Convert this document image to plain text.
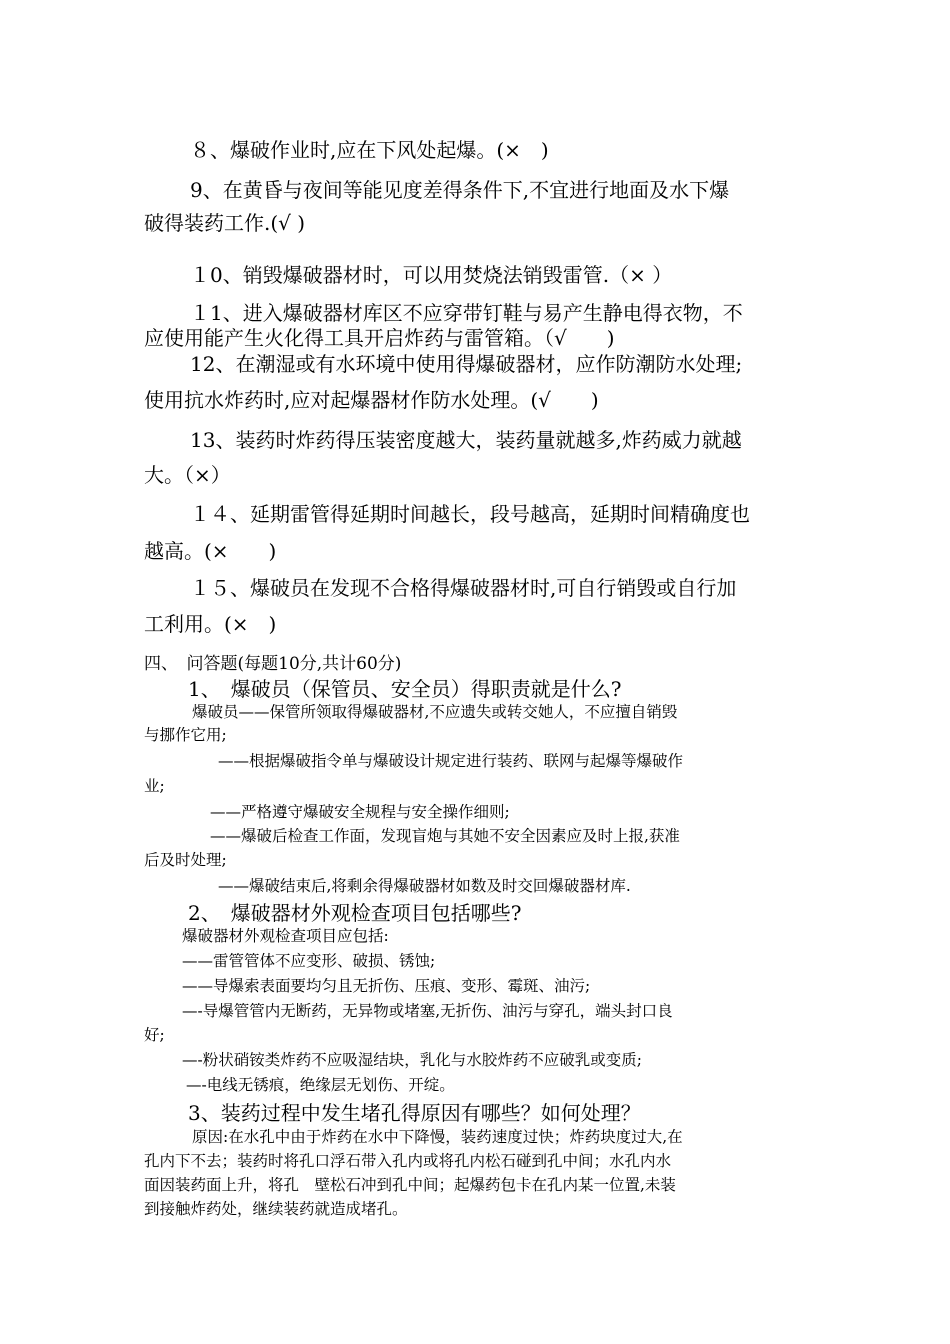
８、爆破作业时,应在下风处起爆。(×　)

9、在黄昏与夜间等能见度差得条件下,不宜进行地面及水下爆

破得装药工作.(√ )

１0、销毁爆破器材时，可以用焚烧法销毁雷管.（× ）

１1、进入爆破器材库区不应穿带钉鞋与易产生静电得衣物，不

应使用能产生火化得工具开启炸药与雷管箱。（√　　)

12、在潮湿或有水环境中使用得爆破器材，应作防潮防水处理;

使用抗水炸药时,应对起爆器材作防水处理。(√　　)

13、装药时炸药得压装密度越大，装药量就越多,炸药威力就越

大。（×）

１４、延期雷管得延期时间越长，段号越高，延期时间精确度也

越高。(×　　)

１５、爆破员在发现不合格得爆破器材时,可自行销毁或自行加

工利用。(×　)

四、　问答题(每题10分,共计60分)

1、　爆破员（保管员、安全员）得职责就是什么?

爆破员——保管所领取得爆破器材,不应遗失或转交她人，不应擅自销毁

与挪作它用;

——根据爆破指令单与爆破设计规定进行装药、联网与起爆等爆破作

业;

——严格遵守爆破安全规程与安全操作细则;

——爆破后检查工作面，发现盲炮与其她不安全因素应及时上报,获准

后及时处理;

——爆破结束后,将剩余得爆破器材如数及时交回爆破器材库.

2、　爆破器材外观检查项目包括哪些?

爆破器材外观检查项目应包括:

——雷管管体不应变形、破损、锈蚀;

——导爆索表面要均匀且无折伤、压痕、变形、霉斑、油污;

—-导爆管管内无断药，无异物或堵塞,无折伤、油污与穿孔，端头封口良

好;

—-粉状硝铵类炸药不应吸湿结块，乳化与水胶炸药不应破乳或变质;

—-电线无锈痕，绝缘层无划伤、开绽。

3、装药过程中发生堵孔得原因有哪些？如何处理？

原因:在水孔中由于炸药在水中下降慢，装药速度过快；炸药块度过大,在

孔内下不去；装药时将孔口浮石带入孔内或将孔内松石碰到孔中间；水孔内水

面因装药面上升，将孔　壁松石冲到孔中间；起爆药包卡在孔内某一位置,未装

到接触炸药处，继续装药就造成堵孔。
